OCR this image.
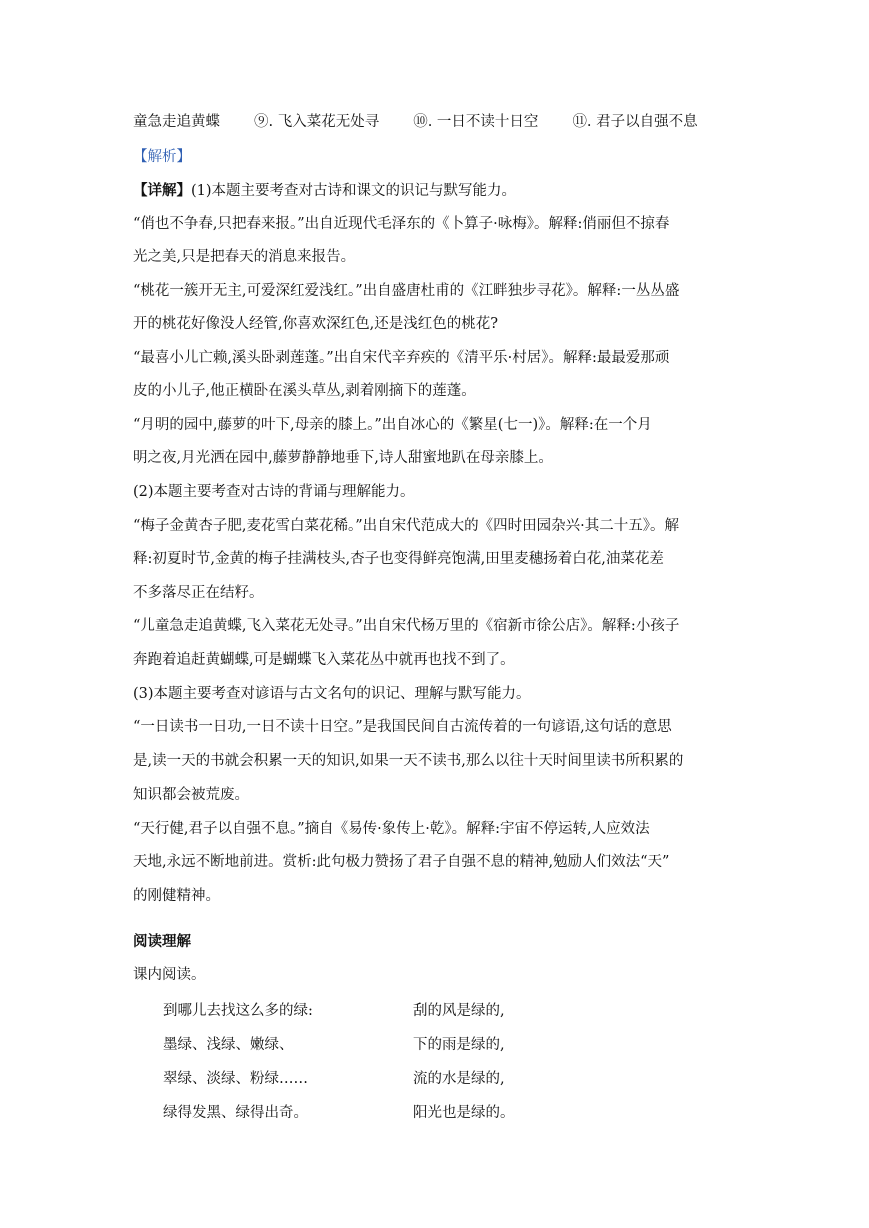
童急走追黄蝶 ⑨. 飞入菜花无处寻 ⑩. 一日不读十日空 ⑪. 君子以自强不息
【解析】
【详解】(1)本题主要考查对古诗和课文的识记与默写能力。
“俏也不争春,只把春来报。”出自近现代毛泽东的《卜算子·咏梅》。解释:俏丽但不掠春
光之美,只是把春天的消息来报告。
“桃花一簇开无主,可爱深红爱浅红。”出自盛唐杜甫的《江畔独步寻花》。解释:一丛丛盛
开的桃花好像没人经管,你喜欢深红色,还是浅红色的桃花?
“最喜小儿亡赖,溪头卧剥莲蓬。”出自宋代辛弃疾的《清平乐·村居》。解释:最最爱那顽
皮的小儿子,他正横卧在溪头草丛,剥着刚摘下的莲蓬。
“月明的园中,藤萝的叶下,母亲的膝上。”出自冰心的《繁星(七一)》。解释:在一个月
明之夜,月光洒在园中,藤萝静静地垂下,诗人甜蜜地趴在母亲膝上。
(2)本题主要考查对古诗的背诵与理解能力。
“梅子金黄杏子肥,麦花雪白菜花稀。”出自宋代范成大的《四时田园杂兴·其二十五》。解
释:初夏时节,金黄的梅子挂满枝头,杏子也变得鲜亮饱满,田里麦穗扬着白花,油菜花差
不多落尽正在结籽。
“儿童急走追黄蝶,飞入菜花无处寻。”出自宋代杨万里的《宿新市徐公店》。解释:小孩子
奔跑着追赶黄蝴蝶,可是蝴蝶飞入菜花丛中就再也找不到了。
(3)本题主要考查对谚语与古文名句的识记、理解与默写能力。
“一日读书一日功,一日不读十日空。”是我国民间自古流传着的一句谚语,这句话的意思
是,读一天的书就会积累一天的知识,如果一天不读书,那么以往十天时间里读书所积累的
知识都会被荒废。
“天行健,君子以自强不息。”摘自《易传·象传上·乾》。解释:宇宙不停运转,人应效法
天地,永远不断地前进。赏析:此句极力赞扬了君子自强不息的精神,勉励人们效法“天”
的刚健精神。
阅读理解
课内阅读。
到哪儿去找这么多的绿:	刮的风是绿的,
墨绿、浅绿、嫩绿、	下的雨是绿的,
翠绿、淡绿、粉绿……	流的水是绿的,
绿得发黑、绿得出奇。	阳光也是绿的。
